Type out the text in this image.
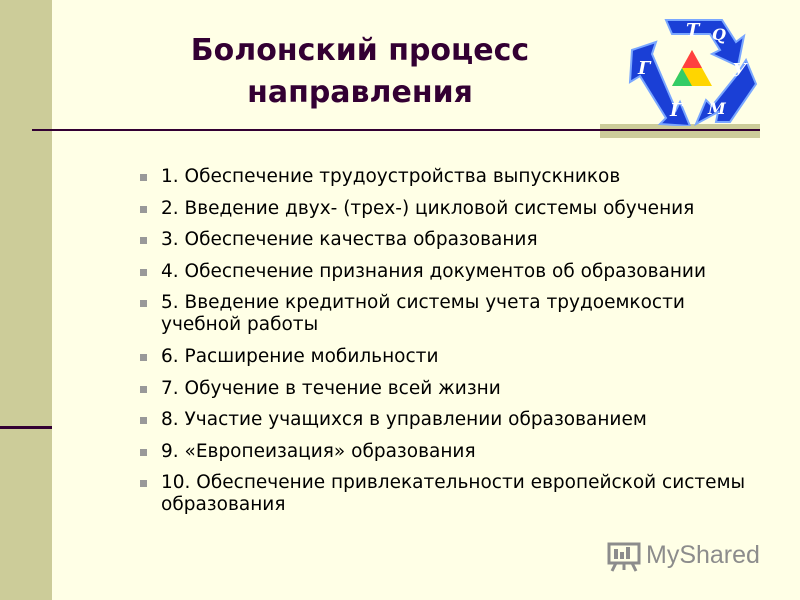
Болонский процесс
направления
Т Q
У
М
Г
Г
1. Обеспечение трудоустройства выпускников
2. Введение двух- (трех-) цикловой системы обучения
3. Обеспечение качества образования
4. Обеспечение признания документов об образовании
5. Введение кредитной системы учета трудоемкости учебной работы
6. Расширение мобильности
7. Обучение в течение всей жизни
8. Участие учащихся в управлении образованием
9. «Европеизация» образования
10. Обеспечение привлекательности европейской системы образования
MyShared
